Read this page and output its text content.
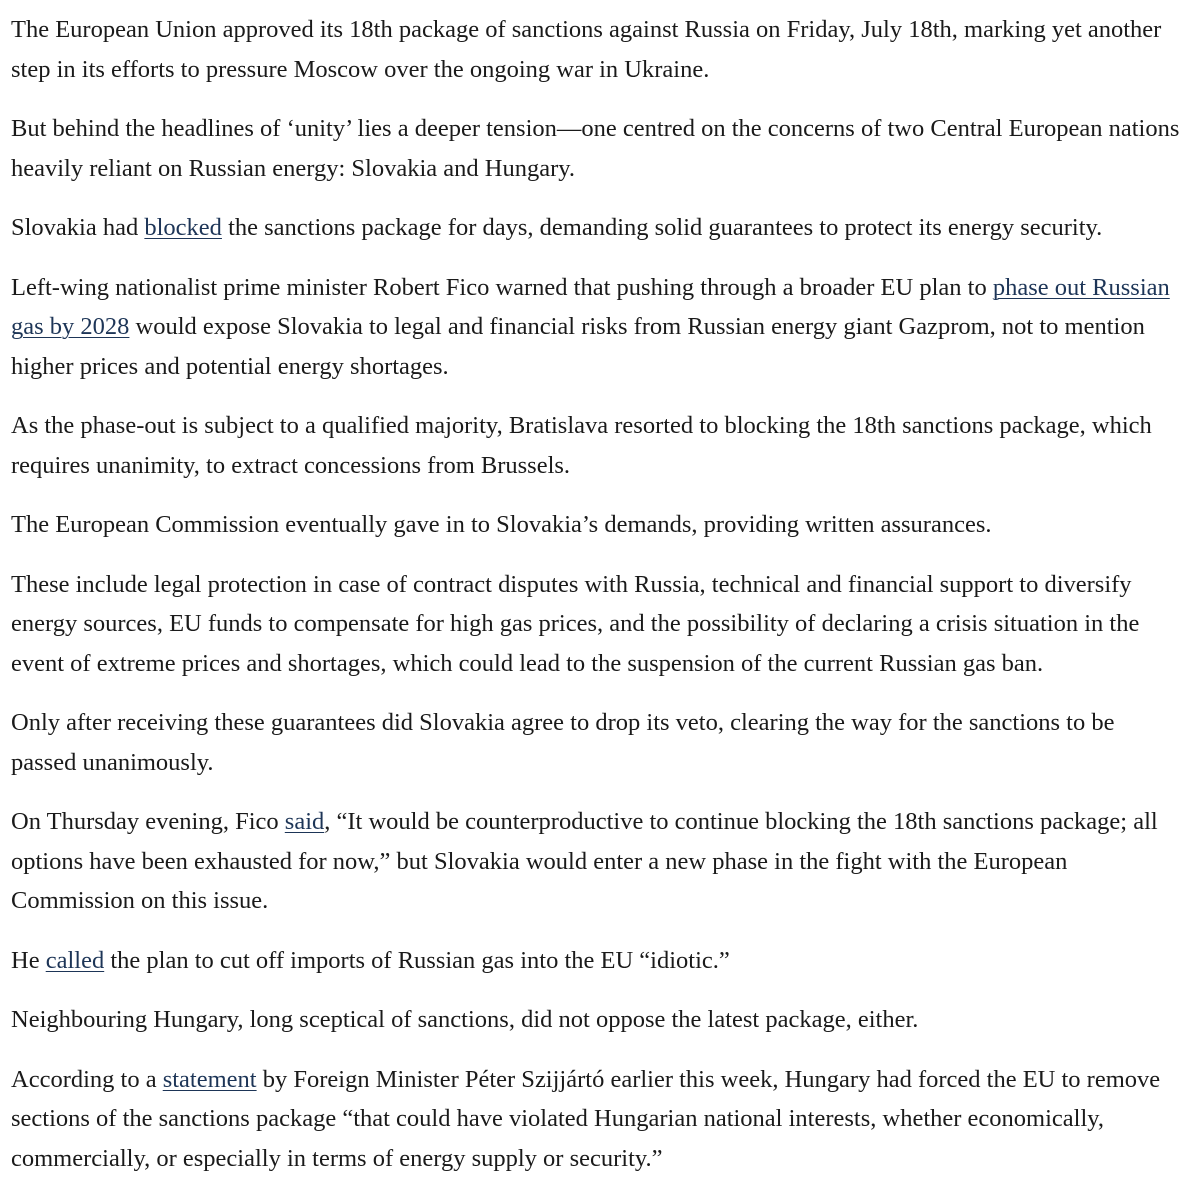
The European Union approved its 18th package of sanctions against Russia on Friday, July 18th, marking yet another step in its efforts to pressure Moscow over the ongoing war in Ukraine.

But behind the headlines of ‘unity’ lies a deeper tension—one centred on the concerns of two Central European nations heavily reliant on Russian energy: Slovakia and Hungary.

Slovakia had blocked the sanctions package for days, demanding solid guarantees to protect its energy security.

Left-wing nationalist prime minister Robert Fico warned that pushing through a broader EU plan to phase out Russian gas by 2028 would expose Slovakia to legal and financial risks from Russian energy giant Gazprom, not to mention higher prices and potential energy shortages.

As the phase-out is subject to a qualified majority, Bratislava resorted to blocking the 18th sanctions package, which requires unanimity, to extract concessions from Brussels.

The European Commission eventually gave in to Slovakia’s demands, providing written assurances.

These include legal protection in case of contract disputes with Russia, technical and financial support to diversify energy sources, EU funds to compensate for high gas prices, and the possibility of declaring a crisis situation in the event of extreme prices and shortages, which could lead to the suspension of the current Russian gas ban.

Only after receiving these guarantees did Slovakia agree to drop its veto, clearing the way for the sanctions to be passed unanimously.

On Thursday evening, Fico said, “It would be counterproductive to continue blocking the 18th sanctions package; all options have been exhausted for now,” but Slovakia would enter a new phase in the fight with the European Commission on this issue.

He called the plan to cut off imports of Russian gas into the EU “idiotic.”

Neighbouring Hungary, long sceptical of sanctions, did not oppose the latest package, either.

According to a statement by Foreign Minister Péter Szijjártó earlier this week, Hungary had forced the EU to remove sections of the sanctions package “that could have violated Hungarian national interests, whether economically, commercially, or especially in terms of energy supply or security.”
